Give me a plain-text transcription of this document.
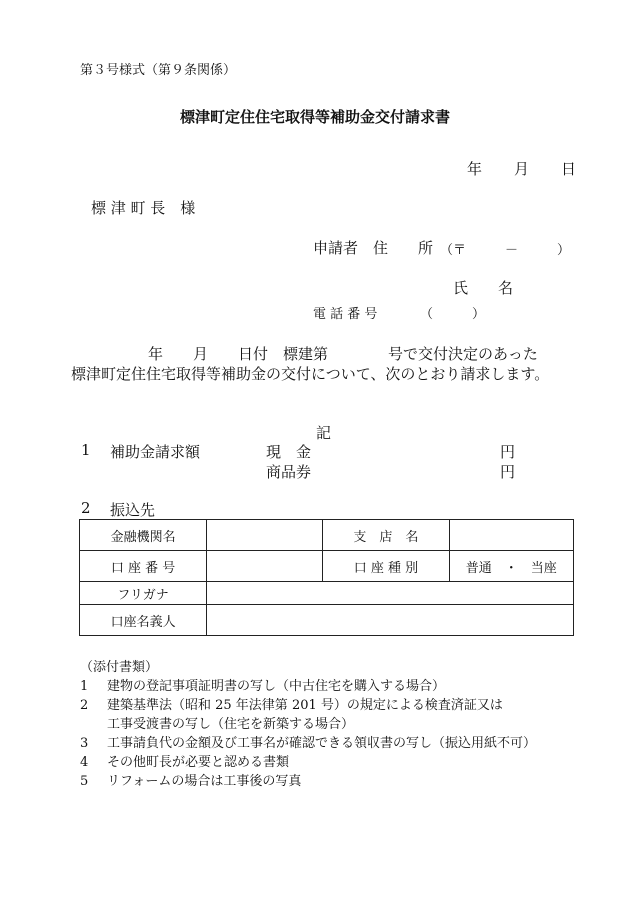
第３号様式（第９条関係）
標津町定住住宅取得等補助金交付請求書
年 月 日
標 津 町 長　様
申請者 住　　所 （〒　　　－　　　）
氏　　名
電 話 番 号	（　　　）
年　　月　　日付　標建第　　　　号で交付決定のあった
標津町定住住宅取得等補助金の交付について、次のとおり請求します。
記
1 補助金請求額	現　金	円
商品券	円
2 振込先
金融機関名		支　店　名	
口 座 番 号		口 座 種 別	普通　・　当座
フリガナ			
口座名義人			
（添付書類）
1 建物の登記事項証明書の写し（中古住宅を購入する場合）
2 建築基準法（昭和 25 年法律第 201 号）の規定による検査済証又は
工事受渡書の写し（住宅を新築する場合）
3 工事請負代の金額及び工事名が確認できる領収書の写し（振込用紙不可）
4 その他町長が必要と認める書類
5 リフォームの場合は工事後の写真
